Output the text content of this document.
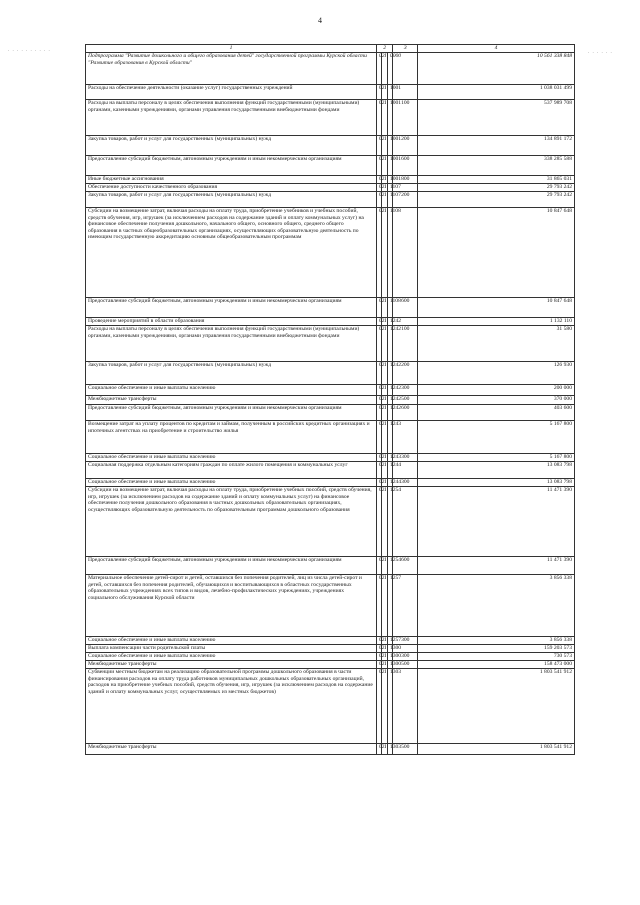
4
. . . . . . . . . .	. . . . . .
1	2			3	4
Подпрограмма "Развитие дошкольного и общего образования детей" государственной программы Курской области "Развитие образования в Курской области"	02	I	0000		10 561 338 848
Расходы на обеспечение деятельности (оказание услуг) государственных учреждений	02	I	1001		1 038 031 499
Расходы на выплаты персоналу в целях обеспечения выполнения функций государственными (муниципальными) органами, казенными учреждениями, органами управления государственными внебюджетными фондами	02	I	1001	100	537 989 708
Закупка товаров, работ и услуг для государственных (муниципальных) нужд	02	I	1001	200	134 891 172
Предоставление субсидий бюджетным, автономным учреждениям и иным некоммерческим организациям	02	I	1001	600	338 285 588
Иные бюджетные ассигнования	02	I	1001	800	31 865 031
Обеспечение доступности качественного образования	02	I	1107		29 793 242
Закупка товаров, работ и услуг для государственных (муниципальных) нужд	02	I	1107	200	29 793 242
Субсидии на возмещение затрат, включая расходы на оплату труда, приобретение учебников и учебных пособий, средств обучения, игр, игрушек (за исключением расходов на содержание зданий и оплату коммунальных услуг) на финансовое обеспечение получения дошкольного, начального общего, основного общего, среднего общего образования в частных общеобразовательных организациях, осуществляющих образовательную деятельность по имеющим государственную аккредитацию основным общеобразовательным программам	02	I	1108		10 847 648
Предоставление субсидий бюджетным, автономным учреждениям и иным некоммерческим организациям	02	I	1108	600	10 847 648
Проведение мероприятий в области образования	02	I	1242		1 132 110
Расходы на выплаты персоналу в целях обеспечения выполнения функций государственными (муниципальными) органами, казенными учреждениями, органами управления государственными внебюджетными фондами	02	I	1242	100	31 580
Закупка товаров, работ и услуг для государственных (муниципальных) нужд	02	I	1242	200	126 930
Социальное обеспечение и иные выплаты населению	02	I	1242	300	200 000
Межбюджетные трансферты	02	I	1242	500	370 000
Предоставление субсидий бюджетным, автономным учреждениям и иным некоммерческим организациям	02	I	1242	600	403 600
Возмещение затрат на уплату процентов по кредитам и займам, полученным в российских кредитных организациях и ипотечных агентствах на приобретение и строительство жилья	02	I	1243		5 167 800
Социальное обеспечение и иные выплаты населению	02	I	1243	300	5 167 800
Социальная поддержка отдельным категориям граждан по оплате жилого помещения и коммунальных услуг	02	I	1244		13 083 798
Социальное обеспечение и иные выплаты населению	02	I	1244	300	13 083 798
Субсидии на возмещение затрат, включая расходы на оплату труда, приобретение учебных пособий, средств обучения, игр, игрушек (за исключением расходов на содержание зданий и оплату коммунальных услуг) на финансовое обеспечение получения дошкольного образования в частных дошкольных образовательных организациях, осуществляющих образовательную деятельность по образовательным программам дошкольного образования	02	I	1254		11 471 390
Предоставление субсидий бюджетным, автономным учреждениям и иным некоммерческим организациям	02	I	1254	600	11 471 390
Материальное обеспечение детей-сирот и детей, оставшихся без попечения родителей, лиц из числа детей-сирот и детей, оставшихся без попечения родителей, обучающихся и воспитывающихся в областных государственных образовательных учреждениях всех типов и видов, лечебно-профилактических учреждениях, учреждениях социального обслуживания Курской области	02	I	1257		3 856 338
Социальное обеспечение и иные выплаты населению	02	I	1257	300	3 856 338
Выплата компенсации части родительской платы	02	I	1300		159 203 573
Социальное обеспечение и иные выплаты населению	02	I	1300	300	730 573
Межбюджетные трансферты	02	I	1300	500	158 473 000
Субвенции местным бюджетам на реализацию образовательной программы дошкольного образования в части финансирования расходов на оплату труда работников муниципальных дошкольных образовательных организаций, расходов на приобретение учебных пособий, средств обучения, игр, игрушек (за исключением расходов на содержание зданий и оплату коммунальных услуг, осуществляемых из местных бюджетов)	02	I	1303		1 803 541 912
Межбюджетные трансферты	02	I	1303	500	1 803 541 912
